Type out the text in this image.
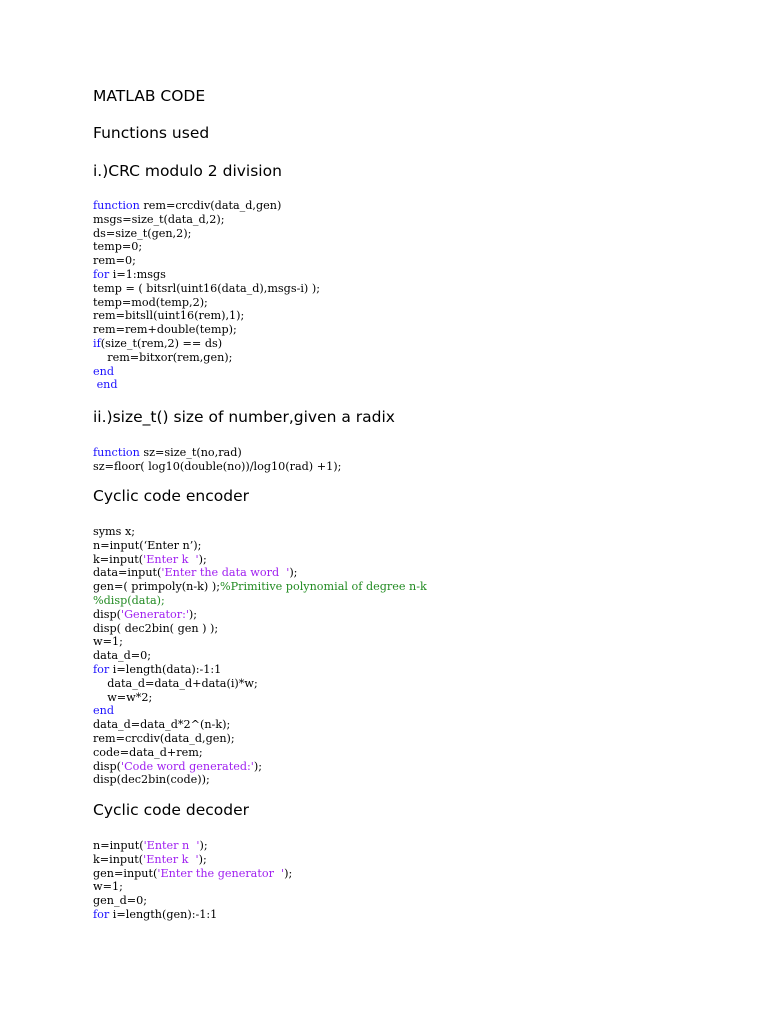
MATLAB CODE
Functions used
i.)CRC modulo 2 division
function rem=crcdiv(data_d,gen)
msgs=size_t(data_d,2);
ds=size_t(gen,2);
temp=0;
rem=0;
for i=1:msgs
temp = ( bitsrl(uint16(data_d),msgs-i) );
temp=mod(temp,2);
rem=bitsll(uint16(rem),1);
rem=rem+double(temp);
if(size_t(rem,2) == ds)
rem=bitxor(rem,gen);
end
end
ii.)size_t() size of number,given a radix
function sz=size_t(no,rad)
sz=floor( log10(double(no))/log10(rad) +1);
Cyclic code encoder
syms x;
n=input(‘Enter n’);
k=input('Enter k  ');
data=input('Enter the data word  ');
gen=( primpoly(n-k) );%Primitive polynomial of degree n-k
%disp(data);
disp('Generator:');
disp( dec2bin( gen ) );
w=1;
data_d=0;
for i=length(data):-1:1
data_d=data_d+data(i)*w;
w=w*2;
end
data_d=data_d*2^(n-k);
rem=crcdiv(data_d,gen);
code=data_d+rem;
disp('Code word generated:');
disp(dec2bin(code));
Cyclic code decoder
n=input('Enter n  ');
k=input('Enter k  ');
gen=input('Enter the generator  ');
w=1;
gen_d=0;
for i=length(gen):-1:1
